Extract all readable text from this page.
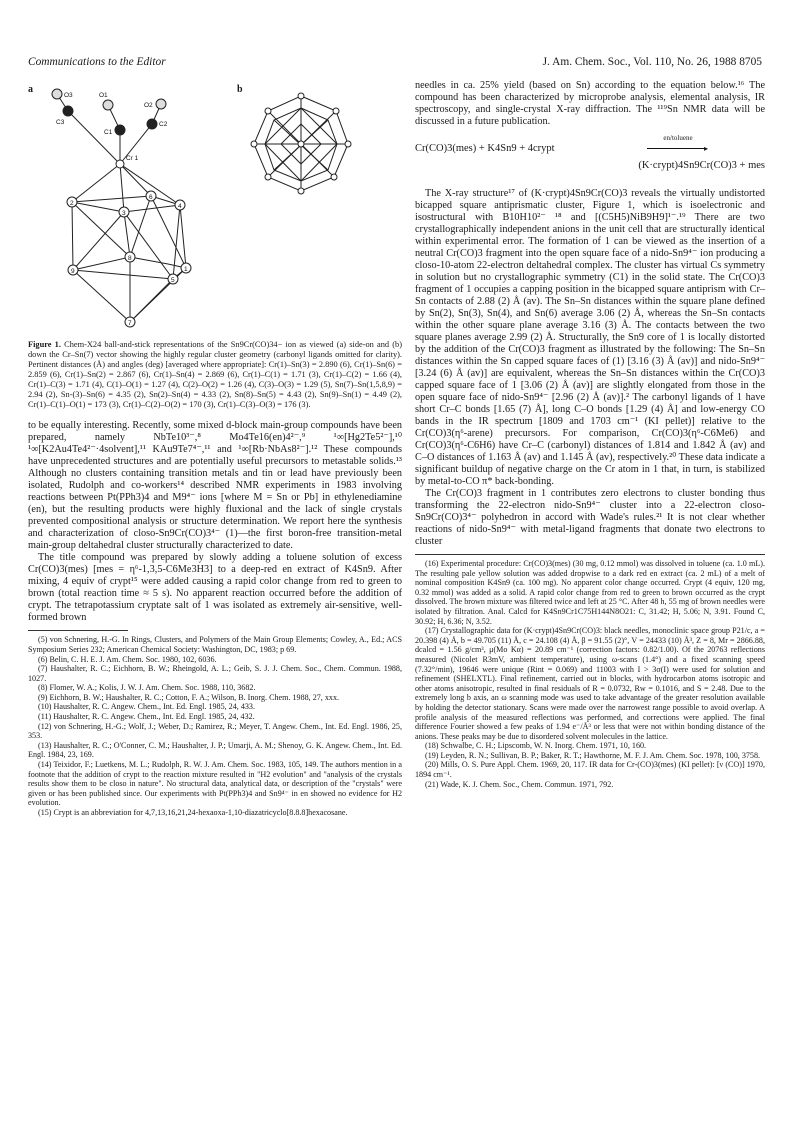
Communications to the Editor	J. Am. Chem. Soc., Vol. 110, No. 26, 1988 8705
a	b
O3	O1
O2
C3
C1
C2
Cr 1
2
3
4
6
9
8
5
1
7

Figure 1. Chem-X24 ball-and-stick representations of the Sn9Cr(CO)34− ion as viewed (a) side-on and (b) down the Cr–Sn(7) vector showing the highly regular cluster geometry (carbonyl ligands omitted for clarity). Pertinent distances (Å) and angles (deg) [averaged where appropriate]: Cr(1)–Sn(3) = 2.890 (6), Cr(1)–Sn(6) = 2.859 (6), Cr(1)–Sn(2) = 2.867 (6), Cr(1)–Sn(4) = 2.869 (6), Cr(1)–C(1) = 1.71 (3), Cr(1)–C(2) = 1.66 (4), Cr(1)–C(3) = 1.71 (4), C(1)–O(1) = 1.27 (4), C(2)–O(2) = 1.26 (4), C(3)–O(3) = 1.29 (5), Sn(7)–Sn(1,5,8,9) = 2.94 (2), Sn-(3)–Sn(6) = 4.35 (2), Sn(2)–Sn(4) = 4.33 (2), Sn(8)–Sn(5) = 4.43 (2), Sn(9)–Sn(1) = 4.49 (2), Cr(1)–C(1)–O(1) = 173 (3), Cr(1)–C(2)–O(2) = 170 (3), Cr(1)–C(3)–O(3) = 176 (3).

to be equally interesting. Recently, some mixed d-block main-group compounds have been prepared, namely NbTe10³⁻,⁸ Mo4Te16(en)4²⁻,⁹ ¹∞[Hg2Te5²⁻],¹⁰ ¹∞[K2Au4Te4²⁻·4solvent],¹¹ KAu9Te7⁴⁻,¹¹ and ¹∞[Rb·NbAs8²⁻].¹² These compounds have unprecedented structures and are potentially useful precursors to metastable solids.¹³ Although no clusters containing transition metals and tin or lead have previously been isolated, Rudolph and co-workers¹⁴ described NMR experiments in 1983 involving reactions between Pt(PPh3)4 and M9⁴⁻ ions [where M = Sn or Pb] in ethylenediamine (en), but the resulting products were highly fluxional and the lack of single crystals prevented compositional analysis or structure determination. We report here the synthesis and characterization of closo-Sn9Cr(CO)3⁴⁻ (1)—the first boron-free transition-metal main-group deltahedral cluster structurally characterized to date.

The title compound was prepared by slowly adding a toluene solution of excess Cr(CO)3(mes) [mes = η⁶-1,3,5-C6Me3H3] to a deep-red en extract of K4Sn9. After mixing, 4 equiv of crypt¹⁵ were added causing a rapid color change from red to green to brown (total reaction time ≈ 5 s). No apparent reaction occurred before the addition of crypt. The tetrapotassium cryptate salt of 1 was isolated as extremely air-sensitive, well-formed brown

(5) von Schnering, H.-G. In Rings, Clusters, and Polymers of the Main Group Elements; Cowley, A., Ed.; ACS Symposium Series 232; American Chemical Society: Washington, DC, 1983; p 69.

(6) Belin, C. H. E. J. Am. Chem. Soc. 1980, 102, 6036.

(7) Haushalter, R. C.; Eichhorn, B. W.; Rheingold, A. L.; Geib, S. J. J. Chem. Soc., Chem. Commun. 1988, 1027.

(8) Flomer, W. A.; Kolis, J. W. J. Am. Chem. Soc. 1988, 110, 3682.

(9) Eichhorn, B. W.; Haushalter, R. C.; Cotton, F. A.; Wilson, B. Inorg. Chem. 1988, 27, xxx.

(10) Haushalter, R. C. Angew. Chem., Int. Ed. Engl. 1985, 24, 433.

(11) Haushalter, R. C. Angew. Chem., Int. Ed. Engl. 1985, 24, 432.

(12) von Schnering, H.-G.; Wolf, J.; Weber, D.; Ramirez, R.; Meyer, T. Angew. Chem., Int. Ed. Engl. 1986, 25, 353.

(13) Haushalter, R. C.; O'Conner, C. M.; Haushalter, J. P.; Umarji, A. M.; Shenoy, G. K. Angew. Chem., Int. Ed. Engl. 1984, 23, 169.

(14) Teixidor, F.; Luetkens, M. L.; Rudolph, R. W. J. Am. Chem. Soc. 1983, 105, 149. The authors mention in a footnote that the addition of crypt to the reaction mixture resulted in "H2 evolution" and "analysis of the crystals results show them to be closo in nature". No structural data, analytical data, or description of the "crystals" were given or has been published since. Our experiments with Pt(PPh3)4 and Sn9⁴⁻ in en showed no evidence for H2 evolution.

(15) Crypt is an abbreviation for 4,7,13,16,21,24-hexaoxa-1,10-diazatricyclo[8.8.8]hexacosane.

needles in ca. 25% yield (based on Sn) according to the equation below.¹⁶ The compound has been characterized by microprobe analysis, elemental analysis, IR spectroscopy, and single-crystal X-ray diffraction. The ¹¹⁹Sn NMR data will be discussed in a future publication.

Cr(CO)3(mes) + K4Sn9 + 4crypt
en/toluene
▸
(K·crypt)4Sn9Cr(CO)3 + mes

The X-ray structure¹⁷ of (K·crypt)4Sn9Cr(CO)3 reveals the virtually undistorted bicapped square antiprismatic cluster, Figure 1, which is isoelectronic and isostructural with B10H10²⁻ ¹⁸ and [(C5H5)NiB9H9]¹⁻.¹⁹ There are two crystallographically independent anions in the unit cell that are structurally identical within experimental error. The formation of 1 can be viewed as the insertion of a neutral Cr(CO)3 fragment into the open square face of a nido-Sn9⁴⁻ ion producing a closo-10-atom 22-electron deltahedral complex. The cluster has virtual Cs symmetry in solution but no crystallographic symmetry (C1) in the solid state. The Cr(CO)3 fragment of 1 occupies a capping position in the bicapped square antiprism with Cr–Sn contacts of 2.88 (2) Å (av). The Sn–Sn distances within the square plane defined by Sn(2), Sn(3), Sn(4), and Sn(6) average 3.06 (2) Å, whereas the Sn–Sn contacts within the other square plane average 3.16 (3) Å. The contacts between the two square planes average 2.99 (2) Å. Structurally, the Sn9 core of 1 is locally distorted by the addition of the Cr(CO)3 fragment as illustrated by the following: The Sn–Sn distances within the Sn capped square faces of (1) [3.16 (3) Å (av)] and nido-Sn9⁴⁻ [3.24 (6) Å (av)] are equivalent, whereas the Sn–Sn distances within the Cr(CO)3 capped square face of 1 [3.06 (2) Å (av)] are slightly elongated from those in the open square face of nido-Sn9⁴⁻ [2.96 (2) Å (av)].² The carbonyl ligands of 1 have short Cr–C bonds [1.65 (7) Å], long C–O bonds [1.29 (4) Å] and low-energy CO bands in the IR spectrum [1809 and 1703 cm⁻¹ (KI pellet)] relative to the Cr(CO)3(η⁶-arene) precursors. For comparison, Cr(CO)3(η⁶-C6Me6) and Cr(CO)3(η⁶-C6H6) have Cr–C (carbonyl) distances of 1.814 and 1.842 Å (av) and C–O distances of 1.163 Å (av) and 1.145 Å (av), respectively.²⁰ These data indicate a significant buildup of negative charge on the Cr atom in 1 that, in turn, is stabilized by metal-to-CO π* back-bonding.

The Cr(CO)3 fragment in 1 contributes zero electrons to cluster bonding thus transforming the 22-electron nido-Sn9⁴⁻ cluster into a 22-electron closo-Sn9Cr(CO)3⁴⁻ polyhedron in accord with Wade's rules.²¹ It is not clear whether reactions of nido-Sn9⁴⁻ with metal-ligand fragments that donate two electrons to cluster

(16) Experimental procedure: Cr(CO)3(mes) (30 mg, 0.12 mmol) was dissolved in toluene (ca. 1.0 mL). The resulting pale yellow solution was added dropwise to a dark red en extract (ca. 2 mL) of a melt of nominal composition K4Sn9 (ca. 100 mg). No apparent color change occurred. Crypt (4 equiv, 120 mg, 0.32 mmol) was added as a solid. A rapid color change from red to green to brown occurred as the crypt dissolved. The brown mixture was filtered twice and left at 25 °C. After 48 h, 55 mg of brown needles were isolated by filtration. Anal. Calcd for K4Sn9Cr1C75H144N8O21: C, 31.42; H, 5.06; N, 3.91. Found C, 30.92; H, 6.36; N, 3.52.

(17) Crystallographic data for (K·crypt)4Sn9Cr(CO)3: black needles, monoclinic space group P21/c, a = 20.398 (4) Å, b = 49.705 (11) Å, c = 24.108 (4) Å, β = 91.55 (2)°, V = 24433 (10) Å³, Z = 8, Mr = 2866.88, dcalcd = 1.56 g/cm³, μ(Mo Kα) = 20.89 cm⁻¹ (correction factors: 0.82/1.00). Of the 20763 reflections measured (Nicolet R3mV, ambient temperature), using ω-scans (1.4°) and a fixed scanning speed (7.32°/min), 19646 were unique (Rint = 0.069) and 11003 with I > 3σ(I) were used for solution and refinement (SHELXTL). Final refinement, carried out in blocks, with hydrocarbon atoms isotropic and other atoms anisotropic, resulted in final residuals of R = 0.0732, Rw = 0.1016, and S = 2.48. Due to the extremely long b axis, an ω scanning mode was used to take advantage of the greater resolution available by holding the detector stationary. Scans were made over the narrowest range possible to avoid overlap. A profile analysis of the measured reflections was performed, and corrections were applied. The final difference Fourier showed a few peaks of 1.94 e⁻/Å³ or less that were not within bonding distance of the anions. These peaks may be due to disordered solvent molecules in the lattice.

(18) Schwalbe, C. H.; Lipscomb, W. N. Inorg. Chem. 1971, 10, 160.

(19) Leyden, R. N.; Sullivan, B. P.; Baker, R. T.; Hawthorne, M. F. J. Am. Chem. Soc. 1978, 100, 3758.

(20) Mills, O. S. Pure Appl. Chem. 1969, 20, 117. IR data for Cr-(CO)3(mes) (KI pellet): [ν (CO)] 1970, 1894 cm⁻¹.

(21) Wade, K. J. Chem. Soc., Chem. Commun. 1971, 792.
